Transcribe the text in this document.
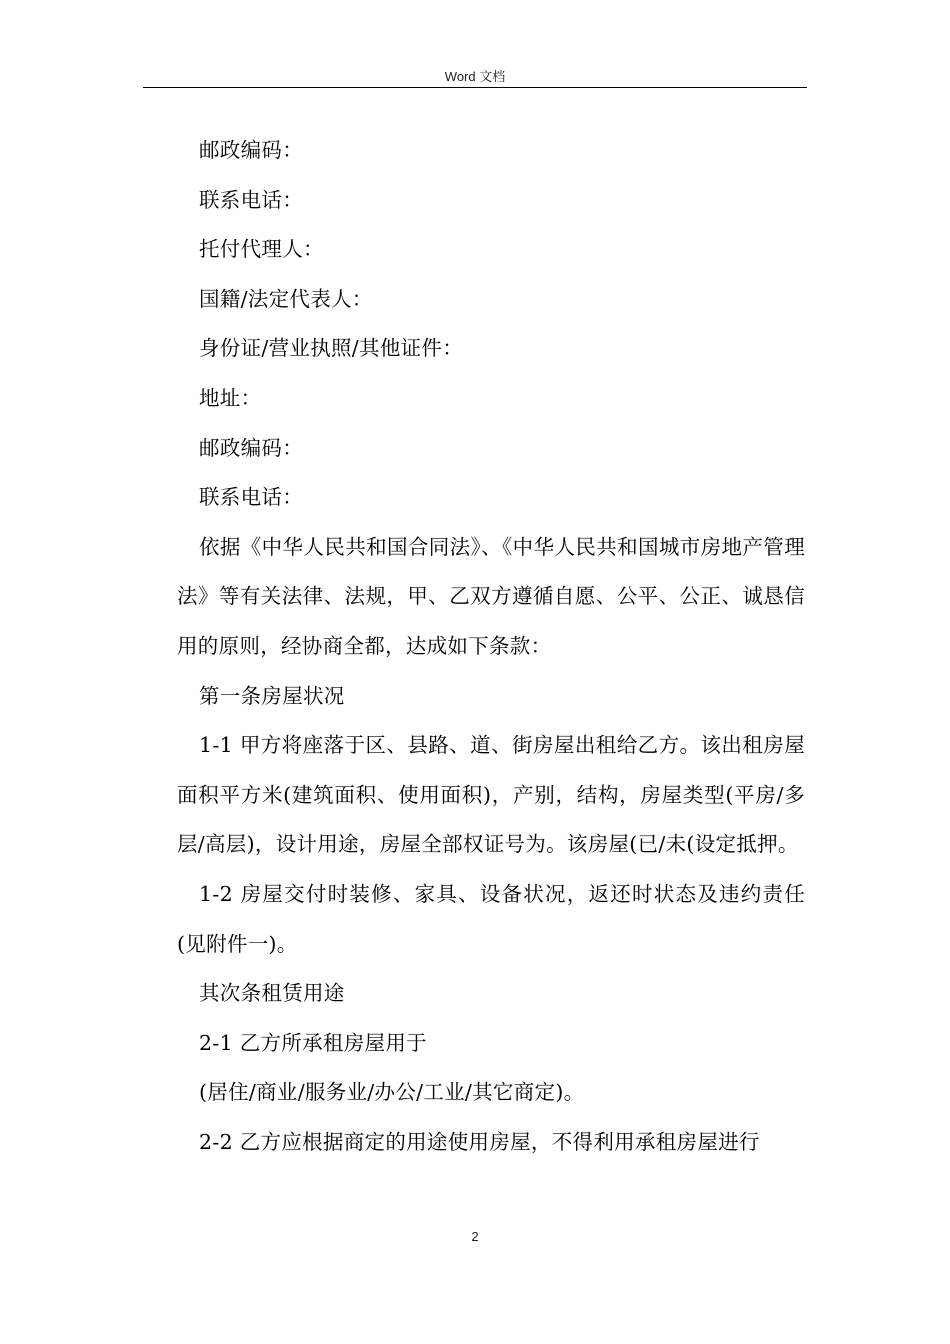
Word 文档

邮政编码：

联系电话：

托付代理人：

国籍/法定代表人：

身份证/营业执照/其他证件：

地址：

邮政编码：

联系电话：

依据《中华人民共和国合同法》、《中华人民共和国城市房地产管理法》等有关法律、法规，甲、乙双方遵循自愿、公平、公正、诚恳信用的原则，经协商全都，达成如下条款：

第一条房屋状况

1-1 甲方将座落于区、县路、道、街房屋出租给乙方。该出租房屋面积平方米(建筑面积、使用面积)，产别，结构，房屋类型(平房/多层/高层)，设计用途，房屋全部权证号为。该房屋(已/未(设定抵押。

1-2 房屋交付时装修、家具、设备状况，返还时状态及违约责任(见附件一)。

其次条租赁用途

2-1 乙方所承租房屋用于

(居住/商业/服务业/办公/工业/其它商定)。

2-2 乙方应根据商定的用途使用房屋，不得利用承租房屋进行

2
